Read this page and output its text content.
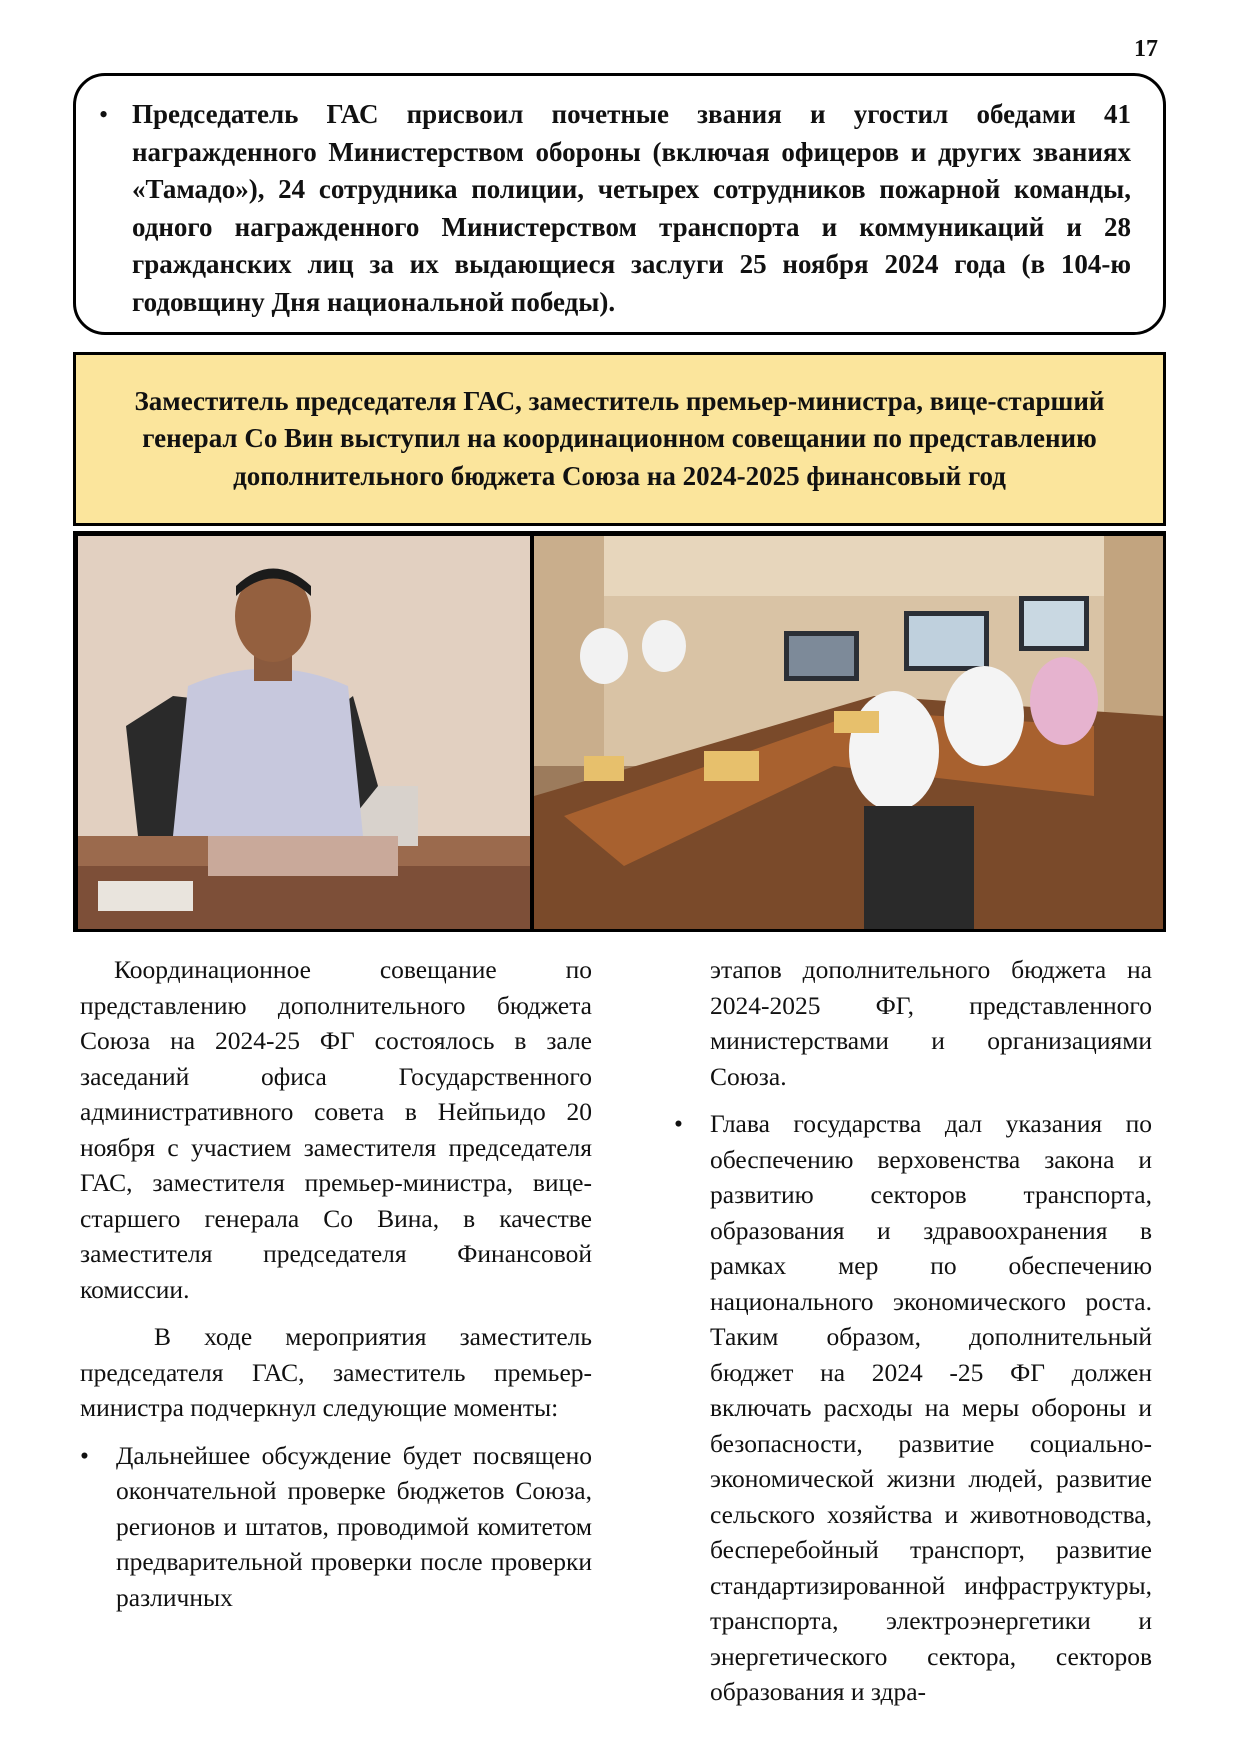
17

• Председатель ГАС присвоил почетные звания и угостил обедами 41 награжденного Министерством обороны (включая офицеров и других званиях «Тамадо»), 24 сотрудника полиции, четырех сотрудников пожарной команды, одного награжденного Министерством транспорта и коммуникаций и 28 гражданских лиц за их выдающиеся заслуги 25 ноября 2024 года (в 104-ю годовщину Дня национальной победы).

Заместитель председателя ГАС, заместитель премьер-министра, вице-старший генерал Со Вин выступил на координационном совещании по представлению дополнительного бюджета Союза на 2024-2025 финансовый год

Координационное совещание по представлению дополнительного бюджета Союза на 2024-25 ФГ состоялось в зале заседаний офиса Государственного административного совета в Нейпьидо 20 ноября с участием заместителя председателя ГАС, заместителя премьер-министра, вице-старшего генерала Со Вина, в качестве заместителя председателя Финансовой комиссии.

В ходе мероприятия заместитель председателя ГАС, заместитель премьер-министра подчеркнул следующие моменты:

• Дальнейшее обсуждение будет посвящено окончательной проверке бюджетов Союза, регионов и штатов, проводимой комитетом предварительной проверки после проверки различных

этапов дополнительного бюджета на 2024-2025 ФГ, представленного министерствами и организациями Союза.

• Глава государства дал указания по обеспечению верховенства закона и развитию секторов транспорта, образования и здравоохранения в рамках мер по обеспечению национального экономического роста. Таким образом, дополнительный бюджет на 2024 -25 ФГ должен включать расходы на меры обороны и безопасности, развитие социально-экономической жизни людей, развитие сельского хозяйства и животноводства, бесперебойный транспорт, развитие стандартизированной инфраструктуры, транспорта, электроэнергетики и энергетического сектора, секторов образования и здра-
